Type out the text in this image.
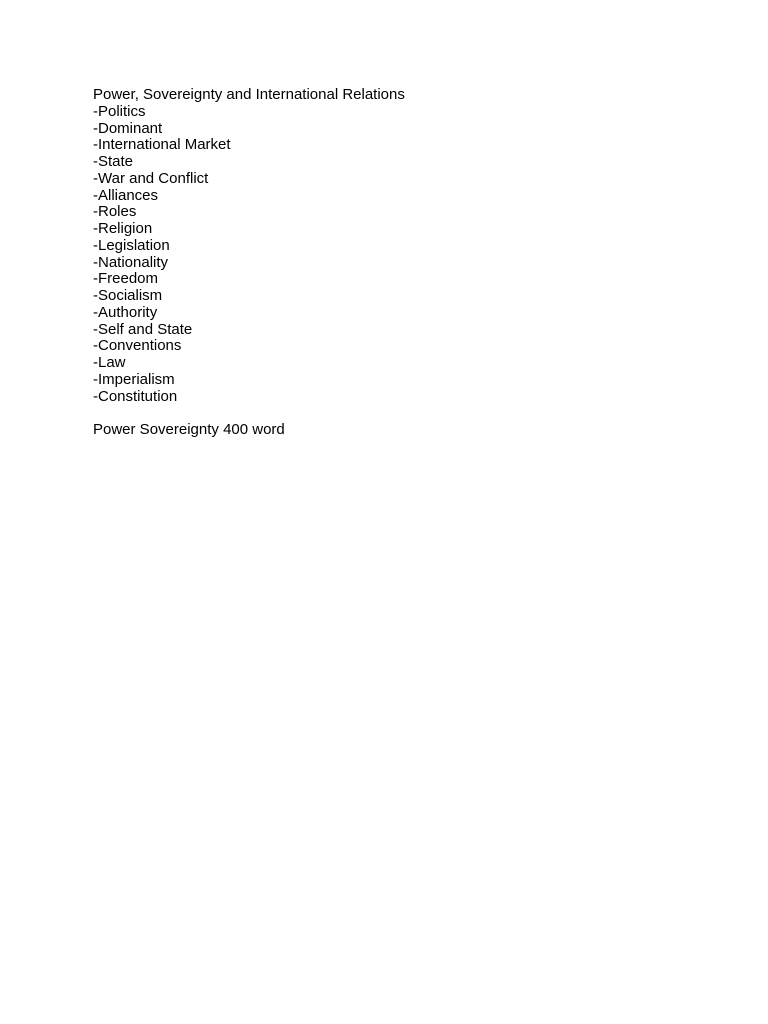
Power, Sovereignty and International Relations
-Politics
-Dominant
-International Market
-State
-War and Conflict
-Alliances
-Roles
-Religion
-Legislation
-Nationality
-Freedom
-Socialism
-Authority
-Self and State
-Conventions
-Law
-Imperialism
-Constitution
Power Sovereignty 400 word
